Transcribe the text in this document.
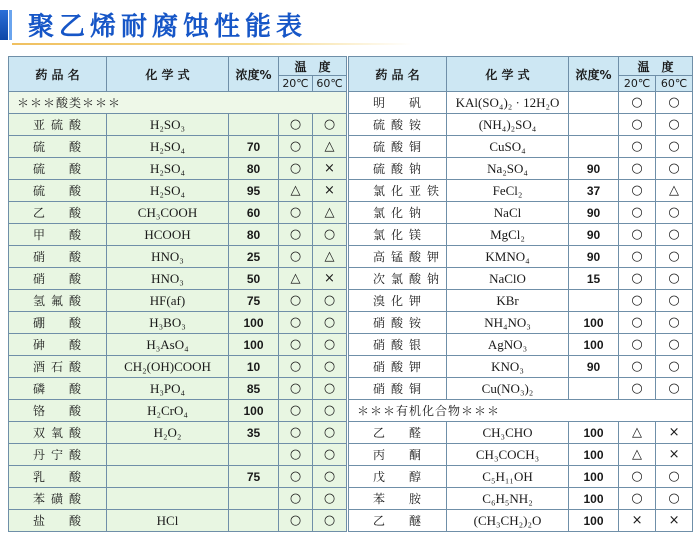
聚乙烯耐腐蚀性能表
药 品 名	化 学 式	浓度%	温　度			药 品 名	化 学 式	浓度%	温　度	
			20℃	60℃					20℃	60℃
＊＊＊酸类＊＊＊						明　矾	KAl(SO₄)₂ · 12H₂O		○	○
亚硫酸	H₂SO₃		○	○		硫酸铵	(NH₄)₂SO₄		○	○
硫　酸	H₂SO₄	70	○	△		硫酸铜	CuSO₄		○	○
硫　酸	H₂SO₄	80	○	×		硫酸钠	Na₂SO₄	90	○	○
硫　酸	H₂SO₄	95	△	×		氯化亚铁	FeCl₂	37	○	△
乙　酸	CH₃COOH	60	○	△		氯化钠	NaCl	90	○	○
甲　酸	HCOOH	80	○	○		氯化镁	MgCl₂	90	○	○
硝　酸	HNO₃	25	○	△		高锰酸钾	KMNO₄	90	○	○
硝　酸	HNO₃	50	△	×		次氯酸钠	NaClO	15	○	○
氢氟酸	HF(af)	75	○	○		溴化钾	KBr		○	○
硼　酸	H₃BO₃	100	○	○		硝酸铵	NH₄NO₃	100	○	○
砷　酸	H₃AsO₄	100	○	○		硝酸银	AgNO₃	100	○	○
酒石酸	CH₂(OH)COOH	10	○	○		硝酸钾	KNO₃	90	○	○
磷　酸	H₃PO₄	85	○	○		硝酸铜	Cu(NO₃)₂		○	○
铬　酸	H₂CrO₄	100	○	○		＊＊＊有机化合物＊＊＊				
双氧酸	H₂O₂	35	○	○		乙　醛	CH₃CHO	100	△	×
丹宁酸			○	○		丙　酮	CH₃COCH₃	100	△	×
乳　酸		75	○	○		戊　醇	C₅H₁₁OH	100	○	○
苯磺酸			○	○		苯　胺	C₆H₅NH₂	100	○	○
盐　酸	HCl		○	○		乙　醚	(CH₃CH₂)₂O	100	×	×
